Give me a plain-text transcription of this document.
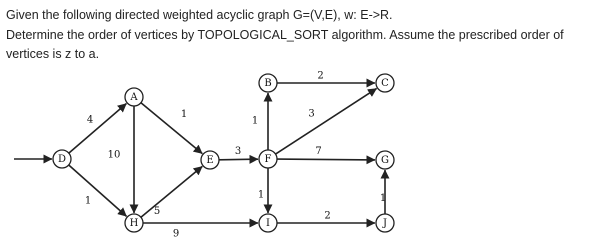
Given the following directed weighted acyclic graph G=(V,E), w: E->R.

Determine the order of vertices by TOPOLOGICAL_SORT algorithm. Assume the prescribed order of vertices is z to a.

4
1
10
1
5
9
3
1
2
3
7
1
2
1
A
B	C
D	E	F	G
H	I	J
